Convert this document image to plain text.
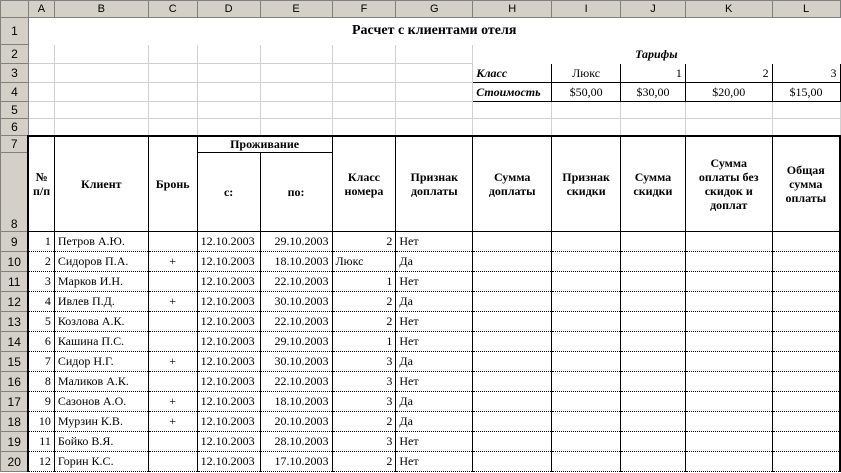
	A	B	C	D	E	F	G	H	I	J	K	L
1	Расчет с клиентами отеля											
2								Тарифы				
3								Класс	Люкс	1	2	3
4								Стоимость	$50,00	$30,00	$20,00	$15,00
5												
6												
7	№ п/п	Клиент	Бронь	Проживание		Класс номера	Признак доплаты	Сумма доплаты	Признак скидки	Сумма скидки	Сумма оплаты без скидок и доплат	Общая сумма оплаты
8				с:	по:							
9	1	Петров А.Ю.		12.10.2003	29.10.2003	2	Нет					
10	2	Сидоров П.А.	+	12.10.2003	18.10.2003	Люкс	Да					
11	3	Марков И.Н.		12.10.2003	22.10.2003	1	Нет					
12	4	Ивлев П.Д.	+	12.10.2003	30.10.2003	2	Да					
13	5	Козлова А.К.		12.10.2003	22.10.2003	2	Нет					
14	6	Кашина П.С.		12.10.2003	29.10.2003	1	Нет					
15	7	Сидор Н.Г.	+	12.10.2003	30.10.2003	3	Да					
16	8	Маликов А.К.		12.10.2003	22.10.2003	3	Нет					
17	9	Сазонов А.О.	+	12.10.2003	18.10.2003	3	Да					
18	10	Мурзин К.В.	+	12.10.2003	20.10.2003	2	Да					
19	11	Бойко В.Я.		12.10.2003	28.10.2003	3	Нет					
20	12	Горин К.С.		12.10.2003	17.10.2003	2	Нет					
